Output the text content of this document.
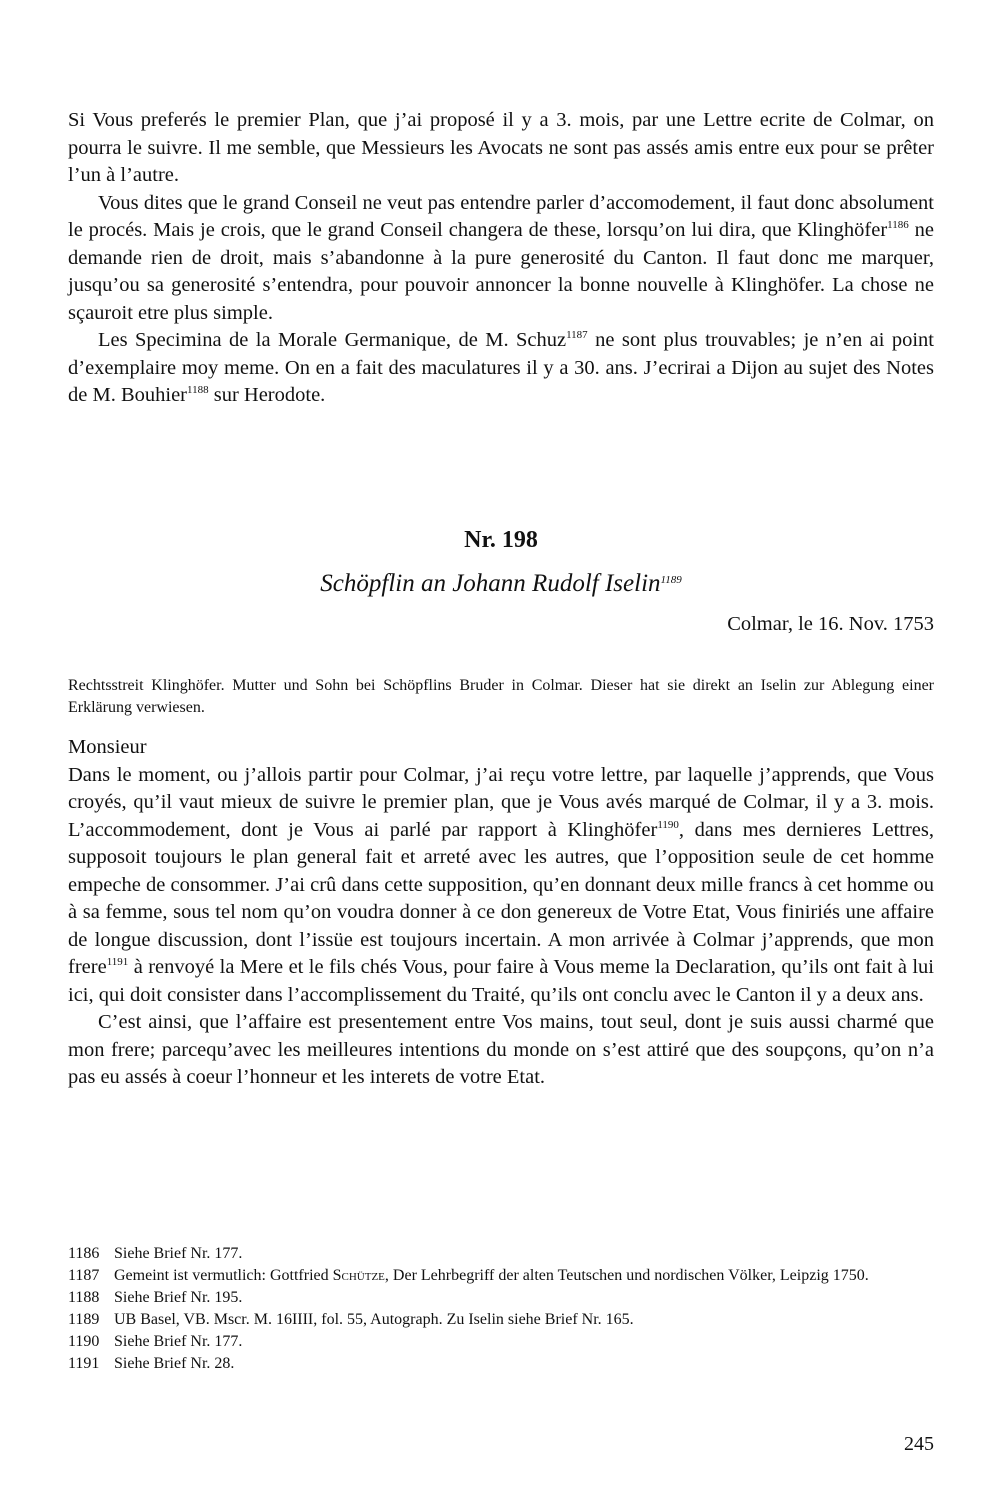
Si Vous preferés le premier Plan, que j’ai proposé il y a 3. mois, par une Lettre ecrite de Colmar, on pourra le suivre. Il me semble, que Messieurs les Avocats ne sont pas assés amis entre eux pour se prêter l’un à l’autre.

Vous dites que le grand Conseil ne veut pas entendre parler d’accomodement, il faut donc absolument le procés. Mais je crois, que le grand Conseil changera de these, lorsqu’on lui dira, que Klinghöfer$^{1186}$ ne demande rien de droit, mais s’abandonne à la pure generosité du Canton. Il faut donc me marquer, jusqu’ou sa generosité s’entendra, pour pouvoir annoncer la bonne nouvelle à Klinghöfer. La chose ne sçauroit etre plus simple.

Les Specimina de la Morale Germanique, de M. Schuz$^{1187}$ ne sont plus trouvables; je n’en ai point d’exemplaire moy meme. On en a fait des maculatures il y a 30. ans. J’ecrirai a Dijon au sujet des Notes de M. Bouhier$^{1188}$ sur Herodote.

Nr. 198
Schöpflin an Johann Rudolf Iselin$^{1189}$
Colmar, le 16. Nov. 1753

Rechtsstreit Klinghöfer. Mutter und Sohn bei Schöpflins Bruder in Colmar. Dieser hat sie direkt an Iselin zur Ablegung einer Erklärung verwiesen.

Monsieur

Dans le moment, ou j’allois partir pour Colmar, j’ai reçu votre lettre, par laquelle j’apprends, que Vous croyés, qu’il vaut mieux de suivre le premier plan, que je Vous avés marqué de Colmar, il y a 3. mois. L’accommodement, dont je Vous ai parlé par rapport à Klinghöfer$^{1190}$, dans mes dernieres Lettres, supposoit toujours le plan general fait et arreté avec les autres, que l’opposition seule de cet homme empeche de consommer. J’ai crû dans cette supposition, qu’en donnant deux mille francs à cet homme ou à sa femme, sous tel nom qu’on voudra donner à ce don genereux de Votre Etat, Vous finiriés une affaire de longue discussion, dont l’issüe est toujours incertain. A mon arrivée à Colmar j’apprends, que mon frere$^{1191}$ à renvoyé la Mere et le fils chés Vous, pour faire à Vous meme la Declaration, qu’ils ont fait à lui ici, qui doit consister dans l’accomplissement du Traité, qu’ils ont conclu avec le Canton il y a deux ans.

C’est ainsi, que l’affaire est presentement entre Vos mains, tout seul, dont je suis aussi charmé que mon frere; parcequ’avec les meilleures intentions du monde on s’est attiré que des soupçons, qu’on n’a pas eu assés à coeur l’honneur et les interets de votre Etat.

1186 Siehe Brief Nr. 177.
1187 Gemeint ist vermutlich: Gottfried Schütze, Der Lehrbegriff der alten Teutschen und nordischen Völker, Leipzig 1750.
1188 Siehe Brief Nr. 195.
1189 UB Basel, VB. Mscr. M. 16IIII, fol. 55, Autograph. Zu Iselin siehe Brief Nr. 165.
1190 Siehe Brief Nr. 177.
1191 Siehe Brief Nr. 28.
245
